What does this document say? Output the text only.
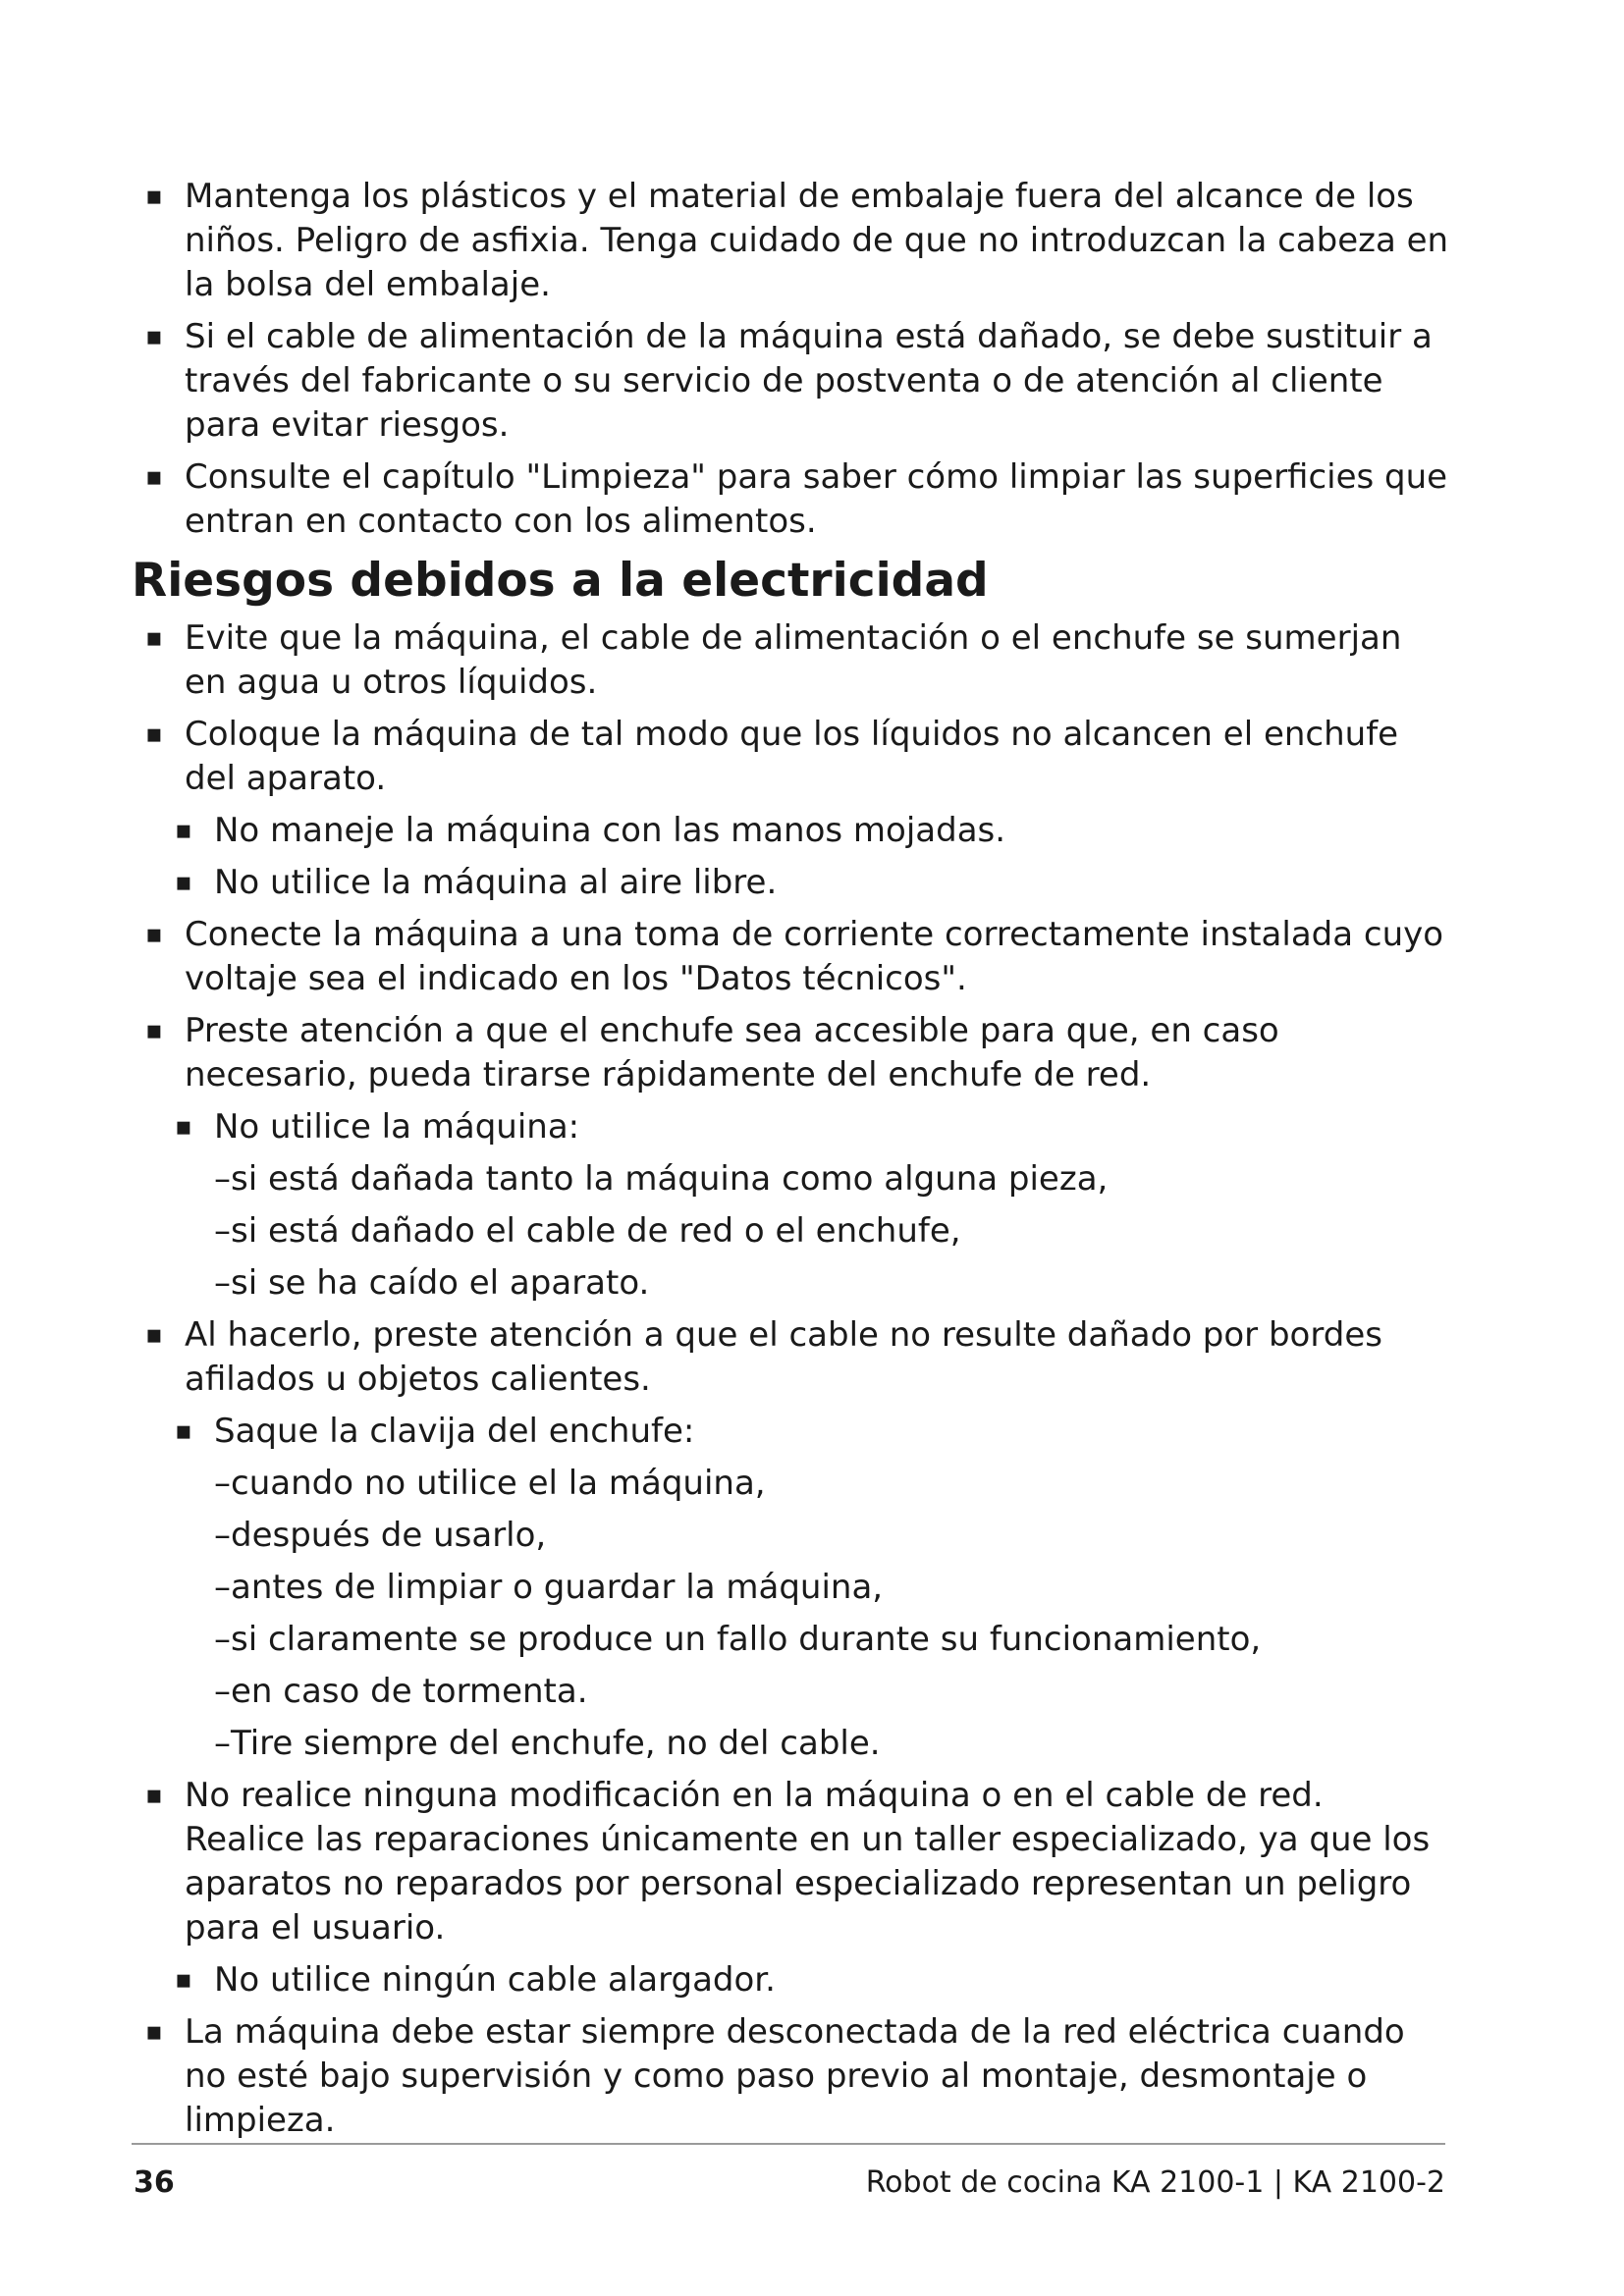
▪ Mantenga los plásticos y el material de embalaje fuera del alcance de los niños. Peligro de asfixia. Tenga cuidado de que no introduzcan la cabeza en la bolsa del embalaje.
▪ Si el cable de alimentación de la máquina está dañado, se debe sustituir a través del fabricante o su servicio de postventa o de atención al cliente para evitar riesgos.
▪ Consulte el capítulo "Limpieza" para saber cómo limpiar las superficies que entran en contacto con los alimentos.
Riesgos debidos a la electricidad
▪ Evite que la máquina, el cable de alimentación o el enchufe se sumerjan en agua u otros líquidos.
▪ Coloque la máquina de tal modo que los líquidos no alcancen el enchufe del aparato.
▪ No maneje la máquina con las manos mojadas.
▪ No utilice la máquina al aire libre.
▪ Conecte la máquina a una toma de corriente correctamente instalada cuyo voltaje sea el indicado en los "Datos técnicos".
▪ Preste atención a que el enchufe sea accesible para que, en caso necesario, pueda tirarse rápidamente del enchufe de red.
▪ No utilice la máquina:
–si está dañada tanto la máquina como alguna pieza,
–si está dañado el cable de red o el enchufe,
–si se ha caído el aparato.
▪ Al hacerlo, preste atención a que el cable no resulte dañado por bordes afilados u objetos calientes.
▪ Saque la clavija del enchufe:
–cuando no utilice el la máquina,
–después de usarlo,
–antes de limpiar o guardar la máquina,
–si claramente se produce un fallo durante su funcionamiento,
–en caso de tormenta.
–Tire siempre del enchufe, no del cable.
▪ No realice ninguna modificación en la máquina o en el cable de red. Realice las reparaciones únicamente en un taller especializado, ya que los aparatos no reparados por personal especializado representan un peligro para el usuario.
▪ No utilice ningún cable alargador.
▪ La máquina debe estar siempre desconectada de la red eléctrica cuando no esté bajo supervisión y como paso previo al montaje, desmontaje o limpieza.
36	Robot de cocina KA 2100-1 | KA 2100-2
